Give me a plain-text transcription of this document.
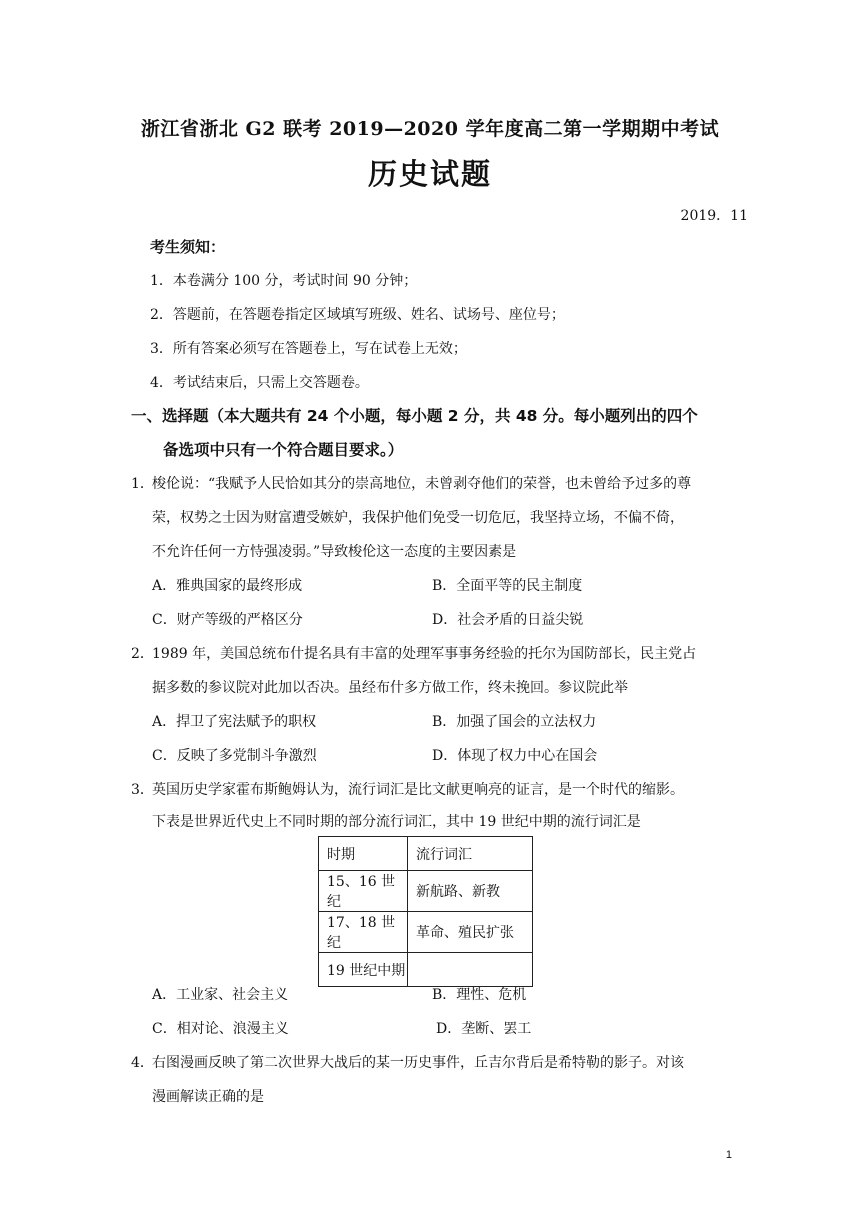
浙江省浙北 G2 联考 2019—2020 学年度高二第一学期期中考试
历史试题
2019．11
考生须知：
1．本卷满分 100 分，考试时间 90 分钟；
2．答题前，在答题卷指定区域填写班级、姓名、试场号、座位号；
3．所有答案必须写在答题卷上，写在试卷上无效；
4．考试结束后，只需上交答题卷。
一、选择题（本大题共有 24 个小题，每小题 2 分，共 48 分。每小题列出的四个
备选项中只有一个符合题目要求。）
1．
梭伦说：“我赋予人民恰如其分的崇高地位，未曾剥夺他们的荣誉，也未曾给予过多的尊
荣，权势之士因为财富遭受嫉妒，我保护他们免受一切危厄，我坚持立场，不偏不倚，
不允许任何一方恃强凌弱。”导致梭伦这一态度的主要因素是
A．雅典国家的最终形成	B．全面平等的民主制度
C．财产等级的严格区分	D．社会矛盾的日益尖锐
2．
1989 年，美国总统布什提名具有丰富的处理军事事务经验的托尔为国防部长，民主党占
据多数的参议院对此加以否决。虽经布什多方做工作，终未挽回。参议院此举
A．捍卫了宪法赋予的职权	B．加强了国会的立法权力
C．反映了多党制斗争激烈	D．体现了权力中心在国会
3．
英国历史学家霍布斯鲍姆认为，流行词汇是比文献更响亮的证言，是一个时代的缩影。
下表是世界近代史上不同时期的部分流行词汇，其中 19 世纪中期的流行词汇是
时期	流行词汇
15、16 世纪	新航路、新教
17、18 世纪	革命、殖民扩张
19 世纪中期	
A．工业家、社会主义	B．理性、危机
C．相对论、浪漫主义	D．垄断、罢工
4．
右图漫画反映了第二次世界大战后的某一历史事件，丘吉尔背后是希特勒的影子。对该
漫画解读正确的是
1
